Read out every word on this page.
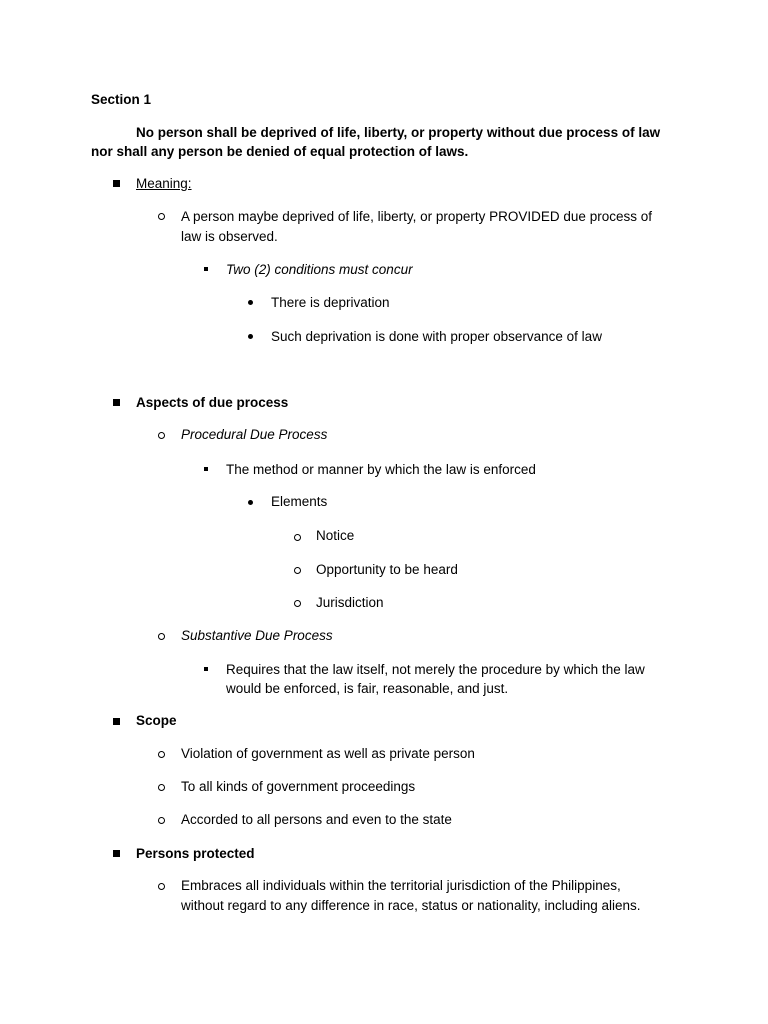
Section 1
No person shall be deprived of life, liberty, or property without due process of law
nor shall any person be denied of equal protection of laws.
Meaning:
A person maybe deprived of life, liberty, or property PROVIDED due process of
law is observed.
Two (2) conditions must concur
There is deprivation
Such deprivation is done with proper observance of law
Aspects of due process
Procedural Due Process
The method or manner by which the law is enforced
Elements
Notice
Opportunity to be heard
Jurisdiction
Substantive Due Process
Requires that the law itself, not merely the procedure by which the law
would be enforced, is fair, reasonable, and just.
Scope
Violation of government as well as private person
To all kinds of government proceedings
Accorded to all persons and even to the state
Persons protected
Embraces all individuals within the territorial jurisdiction of the Philippines,
without regard to any difference in race, status or nationality, including aliens.
